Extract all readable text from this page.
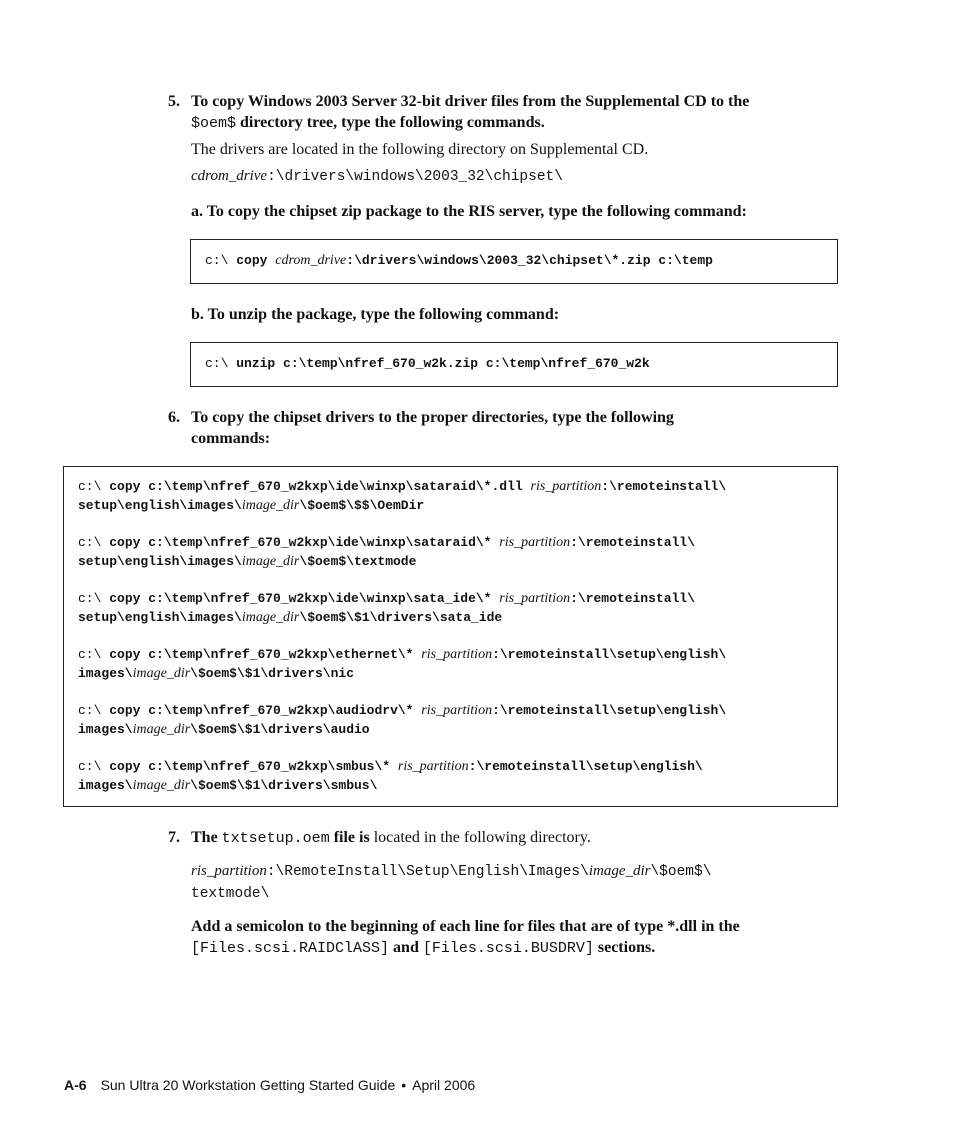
5. To copy Windows 2003 Server 32-bit driver files from the Supplemental CD to the
$oem$ directory tree, type the following commands.
The drivers are located in the following directory on Supplemental CD.
cdrom_drive:\drivers\windows\2003_32\chipset\
a. To copy the chipset zip package to the RIS server, type the following command:
c:\ copy cdrom_drive:\drivers\windows\2003_32\chipset\*.zip c:\temp
b. To unzip the package, type the following command:
c:\ unzip c:\temp\nfref_670_w2k.zip c:\temp\nfref_670_w2k
6. To copy the chipset drivers to the proper directories, type the following
commands:
c:\ copy c:\temp\nfref_670_w2kxp\ide\winxp\sataraid\*.dll ris_partition:\remoteinstall\
setup\english\images\image_dir\$oem$\$$\OemDir
c:\ copy c:\temp\nfref_670_w2kxp\ide\winxp\sataraid\* ris_partition:\remoteinstall\
setup\english\images\image_dir\$oem$\textmode
c:\ copy c:\temp\nfref_670_w2kxp\ide\winxp\sata_ide\* ris_partition:\remoteinstall\
setup\english\images\image_dir\$oem$\$1\drivers\sata_ide
c:\ copy c:\temp\nfref_670_w2kxp\ethernet\* ris_partition:\remoteinstall\setup\english\
images\image_dir\$oem$\$1\drivers\nic
c:\ copy c:\temp\nfref_670_w2kxp\audiodrv\* ris_partition:\remoteinstall\setup\english\
images\image_dir\$oem$\$1\drivers\audio
c:\ copy c:\temp\nfref_670_w2kxp\smbus\* ris_partition:\remoteinstall\setup\english\
images\image_dir\$oem$\$1\drivers\smbus\
7. The txtsetup.oem file is located in the following directory.
ris_partition:\RemoteInstall\Setup\English\Images\image_dir\$oem$\
textmode\
Add a semicolon to the beginning of each line for files that are of type *.dll in the
[Files.scsi.RAIDClASS] and [Files.scsi.BUSDRV] sections.
A-6 Sun Ultra 20 Workstation Getting Started Guide • April 2006
